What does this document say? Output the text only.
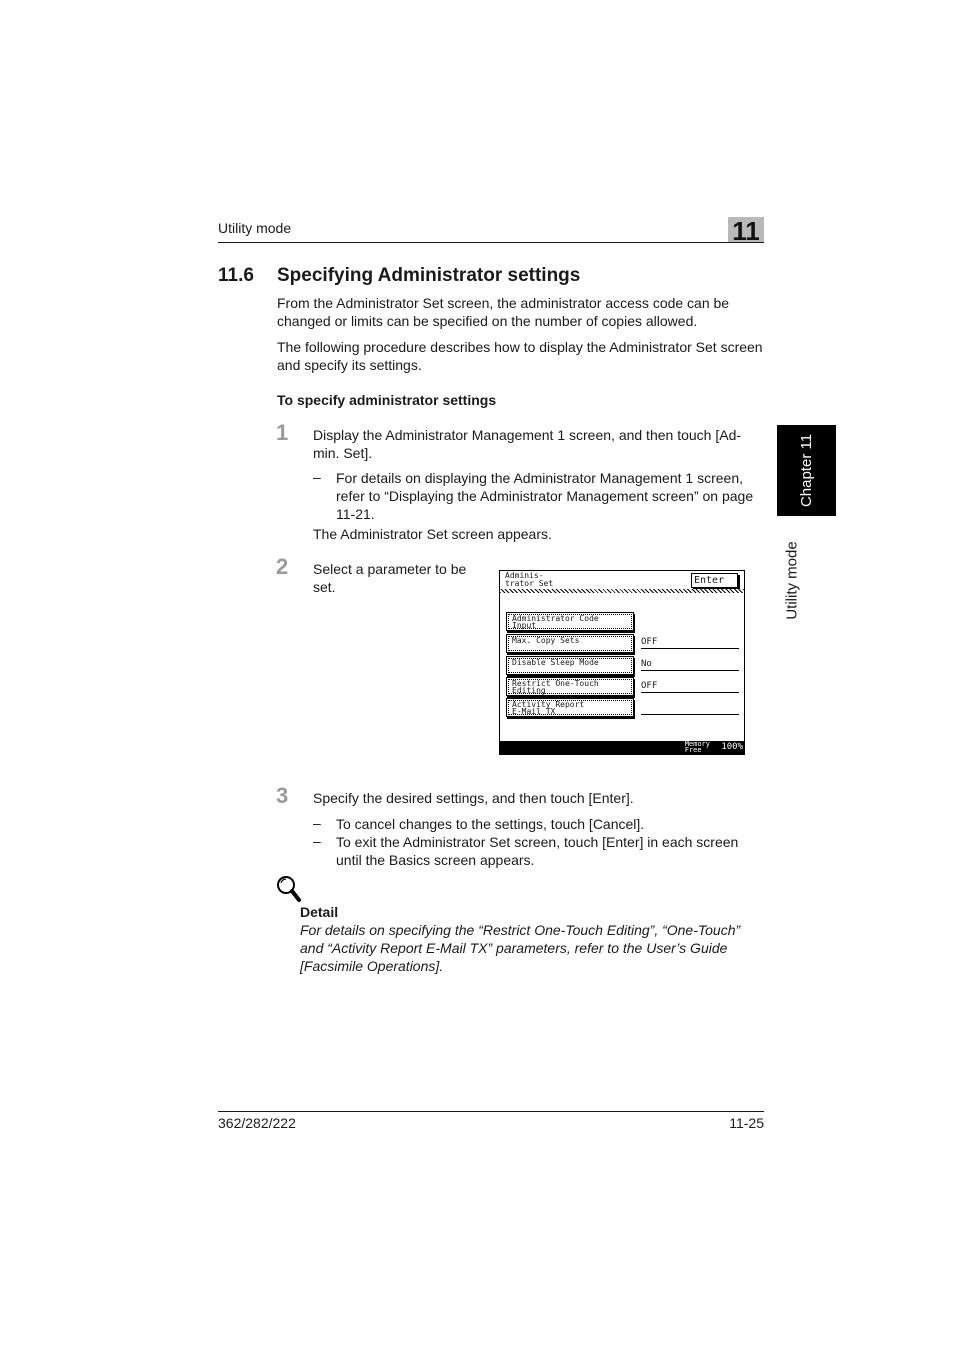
Utility mode	11
Chapter 11
Utility mode
11.6 Specifying Administrator settings
From the Administrator Set screen, the administrator access code can be changed or limits can be specified on the number of copies allowed.
The following procedure describes how to display the Administrator Set screen and specify its settings.
To specify administrator settings
1 Display the Administrator Management 1 screen, and then touch [Ad-min. Set].
– For details on displaying the Administrator Management 1 screen, refer to “Displaying the Administrator Management screen” on page 11-21.
The Administrator Set screen appears.
2 Select a parameter to be set.
Adminis-
trator Set	Enter
Administrator Code
Input
Max. Copy Sets	OFF
Disable Sleep Mode	No
Restrict One-Touch
Editing	OFF
Activity Report
E-Mail TX
Memory
Free	100%
3 Specify the desired settings, and then touch [Enter].
– To cancel changes to the settings, touch [Cancel].
– To exit the Administrator Set screen, touch [Enter] in each screen until the Basics screen appears.
Detail
For details on specifying the “Restrict One-Touch Editing”, “One-Touch” and “Activity Report E-Mail TX” parameters, refer to the User’s Guide [Facsimile Operations].
362/282/222	11-25
